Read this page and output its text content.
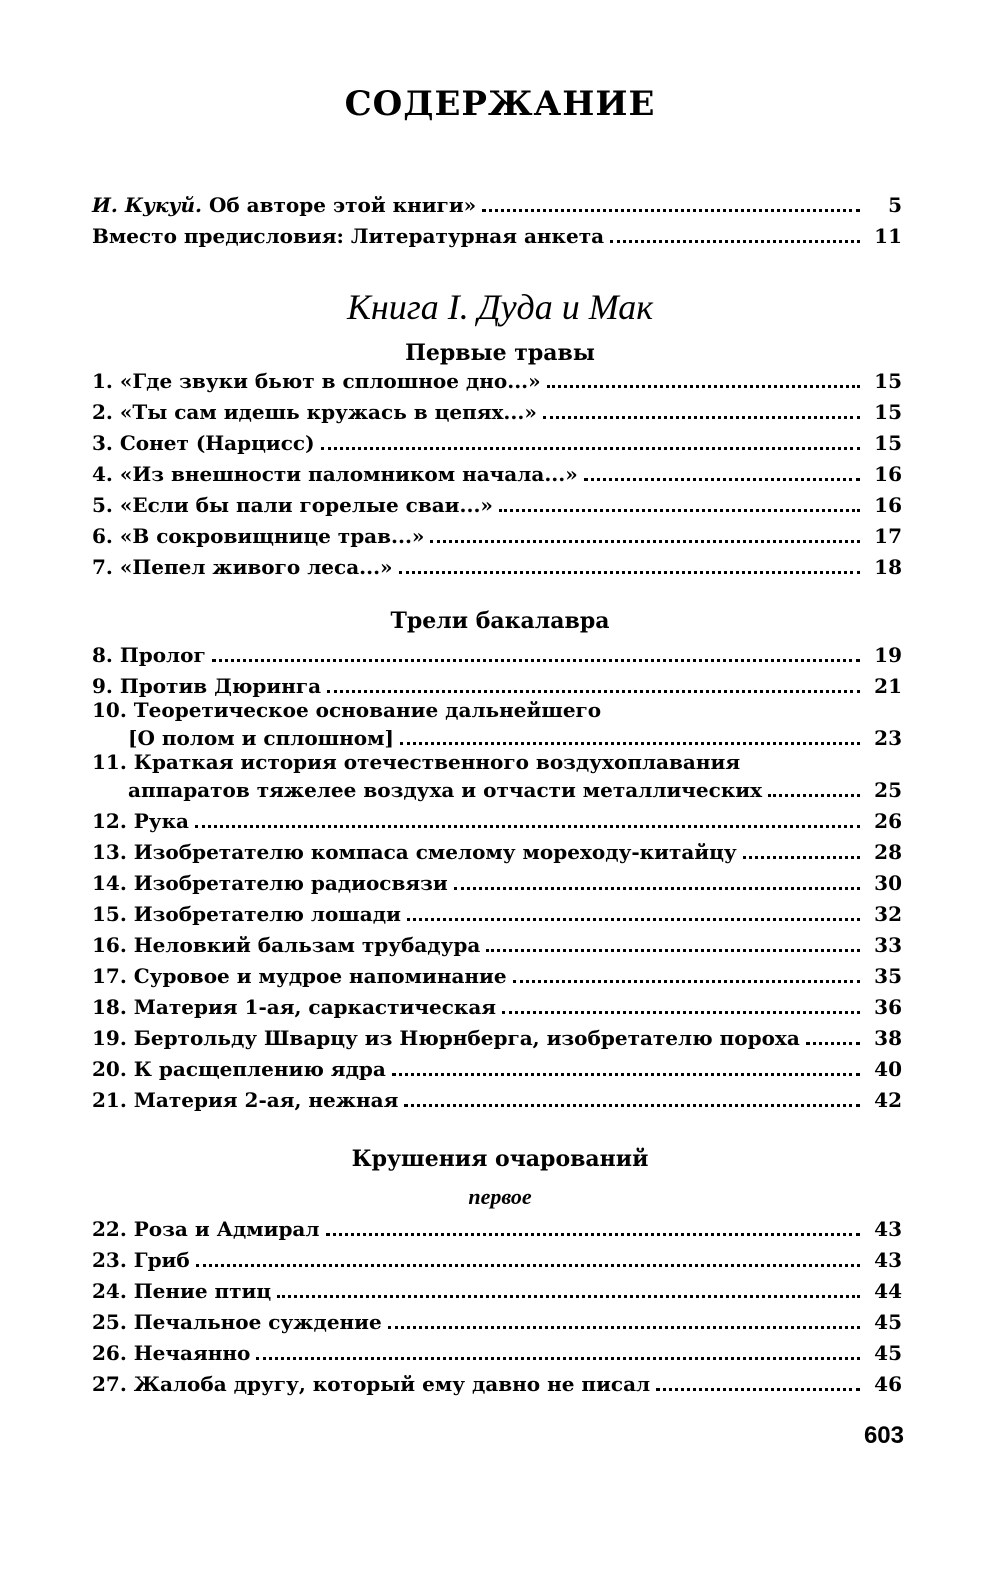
СОДЕРЖАНИЕ
И. Кукуй. Об авторе этой книги»	5
Вместо предисловия: Литературная анкета	11
Книга I. Дуда и Мак
Первые травы
1. «Где звуки бьют в сплошное дно...»	15
2. «Ты сам идешь кружась в цепях...»	15
3. Сонет (Нарцисс)	15
4. «Из внешности паломником начала...»	16
5. «Если бы пали горелые сваи...»	16
6. «В сокровищнице трав...»	17
7. «Пепел живого леса...»	18
Трели бакалавра
8. Пролог	19
9. Против Дюринга	21
10. Теоретическое основание дальнейшего
[О полом и сплошном]	23
11. Краткая история отечественного воздухоплавания
аппаратов тяжелее воздуха и отчасти металлических	25
12. Рука	26
13. Изобретателю компаса смелому мореходу-китайцу	28
14. Изобретателю радиосвязи	30
15. Изобретателю лошади	32
16. Неловкий бальзам трубадура	33
17. Суровое и мудрое напоминание	35
18. Материя 1-ая, саркастическая	36
19. Бертольду Шварцу из Нюрнберга, изобретателю пороха	38
20. К расщеплению ядра	40
21. Материя 2-ая, нежная	42
Крушения очарований
первое
22. Роза и Адмирал	43
23. Гриб	43
24. Пение птиц	44
25. Печальное суждение	45
26. Нечаянно	45
27. Жалоба другу, который ему давно не писал	46
603
